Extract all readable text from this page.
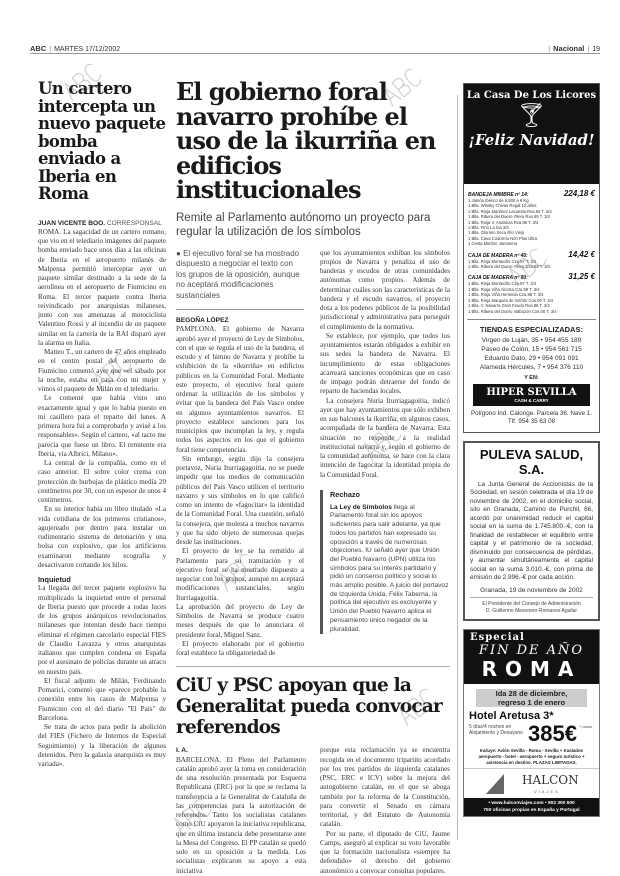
ABC | MARTES 17/12/2002	| Nacional | 19
Un cartero intercepta un nuevo paquete bomba enviado a Iberia en Roma
JUAN VICENTE BOO. CORRESPONSAL

ROMA. La sagacidad de un cartero romano, que vio en el telediario imágenes del paquete bomba enviado hace unos días a las oficinas de Iberia en el aeropuerto milanés de Malpensa permitió interceptar ayer un paquete similar destinado a la sede de la aerolínea en el aeropuerto de Fiumicino en Roma. El tercer paquete contra Iberia reivindicado por anarquistas milaneses, junto con sus amenazas al motociclista Valentino Rossi y al incendio de un paquete similar en la cartería de la RAI disparó ayer la alarma en Italia.

Matteo T., un cartero de 47 años empleado en el centro postal del aeropuerto de Fiumicino comentó ayer que «el sábado por la noche, estaba en casa con mi mujer y vimos el paquete de Milán en el telediario.

Le comenté que había visto uno exactamente igual y que lo había puesto en mi casillero para el reparto del lunes. A primera hora fui a comprobarlo y avisé a los responsables». Según el cartero, «al tacto me parecía que fuese un libro. El remitente era Iberia, vía Albrici, Milano».

La central de la compañía, como en el caso anterior. El sobre color crema con protección de burbujas de plástico medía 20 centímetros por 30, con un espesor de unos 4 centímetros.

En su interior había un libro titulado «La vida cotidiana de los primeros cristianos», agujereado por dentro para instalar un rudimentario sistema de detonación y una bolsa con explosivo, que los artificieros examinaron mediante ecografía y desactivaron cortando los hilos.

Inquietud

La llegada del tercer paquete explosivo ha multiplicado la inquietud entre el personal de Iberia puesto que procede a todas luces de los grupos anárquicos revolucionarios milaneses que intentan desde hace tiempo eliminar el régimen carcelario especial FIES de Claudio Lavazza y otros anarquistas italianos que cumplen condena en España por el asesinato de policías durante un atraco en nuestro país.

El fiscal adjunto de Milán, Ferdinando Pomarici, comentó que «parece probable la conexión entre los casos de Malpensa y Fiumicino con el del diario "El País" de Barcelona.

Se trata de actos para pedir la abolición del FIES (Fichero de Internos de Especial Seguimiento) y la liberación de algunos detenidos. Pero la galaxia anarquista es muy variada».

El gobierno foral navarro prohíbe el uso de la ikurriña en edificios institucionales
Remite al Parlamento autónomo un proyecto para regular la utilización de los símbolos
● El ejecutivo foral se ha mostrado dispuesto a negociar el texto con los grupos de la oposición, aunque no aceptará modificaciones sustanciales
BEGOÑA LÓPEZ

PAMPLONA. El gobierno de Navarra aprobó ayer el proyecto de Ley de Símbolos, con el que se regula el uso de la bandera, el escudo y el himno de Navarra y prohíbe la exhibición de la «ikurriña» en edificios públicos en la Comunidad Foral. Mediante este proyecto, el ejecutivo foral quiere ordenar la utilización de los símbolos y evitar que la bandera del País Vasco ondee en algunos ayuntamientos navarros. El proyecto establece sanciones para los municipios que incumplan la ley, y regula todos los aspectos en los que el gobierno foral tiene competencias.

Sin embargo, según dijo la consejera portavoz, Nuria Iturriagagoitia, no se puede impedir que los medios de comunicación públicos del País Vasco utilicen el territorio navarro y sus símbolos en lo que calificó como un intento de «fagocitar» la identidad de la Comunidad Foral. Una cuestión, señaló la consejera, que molesta a muchos navarros y que ha sido objeto de numerosas quejas desde las instituciones.

El proyecto de ley se ha remitido al Parlamento para su tramitación y el ejecutivo foral se ha mostrado dispuesto a negociar con los grupos, aunque no aceptará modificaciones sustanciales, según Iturriagagoitia.

La aprobación del proyecto de Ley de Símbolos de Navarra se produce cuatro meses después de que lo anunciara el presidente foral, Miguel Sanz.

El proyecto elaborado por el gobierno foral establece la obligatoriedad de

que los ayuntamientos exhiban los símbolos propios de Navarra y penaliza el uso de banderas y escudos de otras comunidades autónomas como propios. Además de determinar cuáles son las características de la bandera y el escudo navarros, el proyecto dota a los poderes públicos de la posibilidad jurisdiccional y administrativa para perseguir el cumplimiento de la normativa.

Se establece, por ejemplo, que todos los ayuntamientos estarán obligados a exhibir en sus sedes la bandera de Navarra. El incumplimiento de estas obligaciones acarreará sanciones económicas que en caso de impago podrán detraerse del fondo de reparto de haciendas locales.

La consejera Nuria Iturriagagoitia, indicó ayer que hay ayuntamientos que sólo exhiben en sus balcones la ikurriña; en algunos casos, acompañada de la bandera de Navarra. Esta situación no responde a la realidad institucional navarra y, según el gobierno de la comunidad autónoma, se hace con la clara intención de fagocitar la identidad propia de la Comunidad Foral.

Rechazo
La Ley de Símbolos llega al Parlamento foral sin los apoyos suficientes para salir adelante, ya que todos los partidos han expresado su oposición a través de numerosas objeciones. IU señaló ayer que Unión del Pueblo Navarro (UPN) utiliza los símbolos para su interés partidario y pidió un consenso político y social lo más amplio posible. A juicio del portavoz de Izquierda Unida, Félix Taberna, la política del ejecutivo es excluyente y Unión del Pueblo Navarro aplica el pensamiento único negador de la pluralidad.
CiU y PSC apoyan que la Generalitat pueda convocar referendos
I. A.

BARCELONA. El Pleno del Parlamento catalán aprobó ayer la toma en consideración de una resolución presentada por Esquerra Republicana (ERC) por la que se reclama la transferencia a la Generalitat de Cataluña de las competencias para la autorización de referendos. Tanto los socialistas catalanes como CiU apoyaron la iniciativa republicana, que en última instancia debe presentarse ante la Mesa del Congreso. El PP catalán se quedó solo en su oposición a la medida. Los socialistas explicaron su apoyo a esta iniciativa

porque esta reclamación ya se encuentra recogida en el documento tripartito acordado por los tres partidos de izquierda catalanes (PSC, ERC e ICV) sobre la mejora del autogobierno catalán, en el que se aboga también por la reforma de la Constitución, para convertir el Senado en cámara territorial, y del Estatuto de Autonomía catalán.

Por su parte, el diputado de CiU, Jaume Camps, aseguró al explicar su voto favorable que la formación nacionalista «siempre ha defendido» el derecho del gobierno autonómico a convocar consultas populares.

La Casa De Los Licores
🍸︎
¡Feliz Navidad!
BANDEJA MIMBRE nº 14:	224,18 €
1 Jamón Ibérico de 5.500 a 6 Kg.
1 Blla. Whisky Chivas Regal 12 años
1 Blla. Rioja Martínez Lacuesta Rva.94 T. 3/4
1 Blla. Ribera del Duero Yllera Rva.95 T. 3/4
1 Blla. Rioja V. Andanza Rva.96 T. 3/4
1 Blla. Fino La Ina 3/4
1 Blla. Oloroso Seco Río Viejo
1 Blla. Cava Codorníu Non Plus Ultra
1 Cesta Mimbre Jamonera
CAJA DE MADERA nº 40:	14,42 €
1 Blla. Rioja Montecillo Cza.97 T. 3/4
1 Blla. Ribera del Duero Yllera Cza.99 T. 3/4
CAJA DE MADERA nº 80:	31,25 €
1 Blla. Rioja Montecillo Cza.97 T. 3/4
1 Blla. Rioja Viña Alcorta Cza.98 T. 3/4
1 Blla. Rioja Viña Herminia Cza.98 T. 3/4
1 Blla. Rioja Marqués de Griñón Cos.00 T. 3/4
1 Blla. V. Navarra Gran Feudo Rva.96 T. 3/4
1 Blla. Ribera del Duero Valbuzón Cos.00 T. 3/4
TIENDAS ESPECIALIZADAS:
Virgen de Luján, 35 • 954 455 189
Paseo de Colón, 15 • 954 561 715
Eduardo Dato, 29 • 954 091 091
Alameda Hércules, 7 • 954 376 110
Y EN:
HIPER SEVILLA
CASH & CARRY
Polígono Ind. Calonge. Parcela 36. Nave 1. Tlf. 954 35 63 08
PULEVA SALUD, S.A.
La Junta General de Accionistas de la Sociedad, en sesión celebrada el día 19 de noviembre de 2002, en el domicilio social, sito en Granada, Camino de Purchil, 66, acordó por unanimidad reducir el capital social en la suma de 1.745.800.-€, con la finalidad de restablecer el equilibrio entre capital y el patrimonio de la sociedad, disminuido por consecuencia de pérdidas, y aumentar simultáneamente el capital social en la suma 3.010.-€, con prima de emisión de 2.996.-€ por cada acción.
Granada, 19 de noviembre de 2002
El Presidente del Consejo de Administración
D. Guillermo Mesonero-Romanos Aguilar
Especial
FIN DE AÑO
ROMA
Ida 28 de diciembre,
regreso 1 de enero
Hotel Aretusa 3*
5 días/4 noches en Alojamiento y Desayuno 385€ + tasas
Incluye: Avión Sevilla - Roma - Sevilla + traslados aeropuerto - hotel - aeropuerto + seguro turístico + asistencia en destino. PLAZAS LIMITADAS.
HALCON
VIAJES
• www.halconviajes.com • 902 300 600
750 oficinas propias en España y Portugal
